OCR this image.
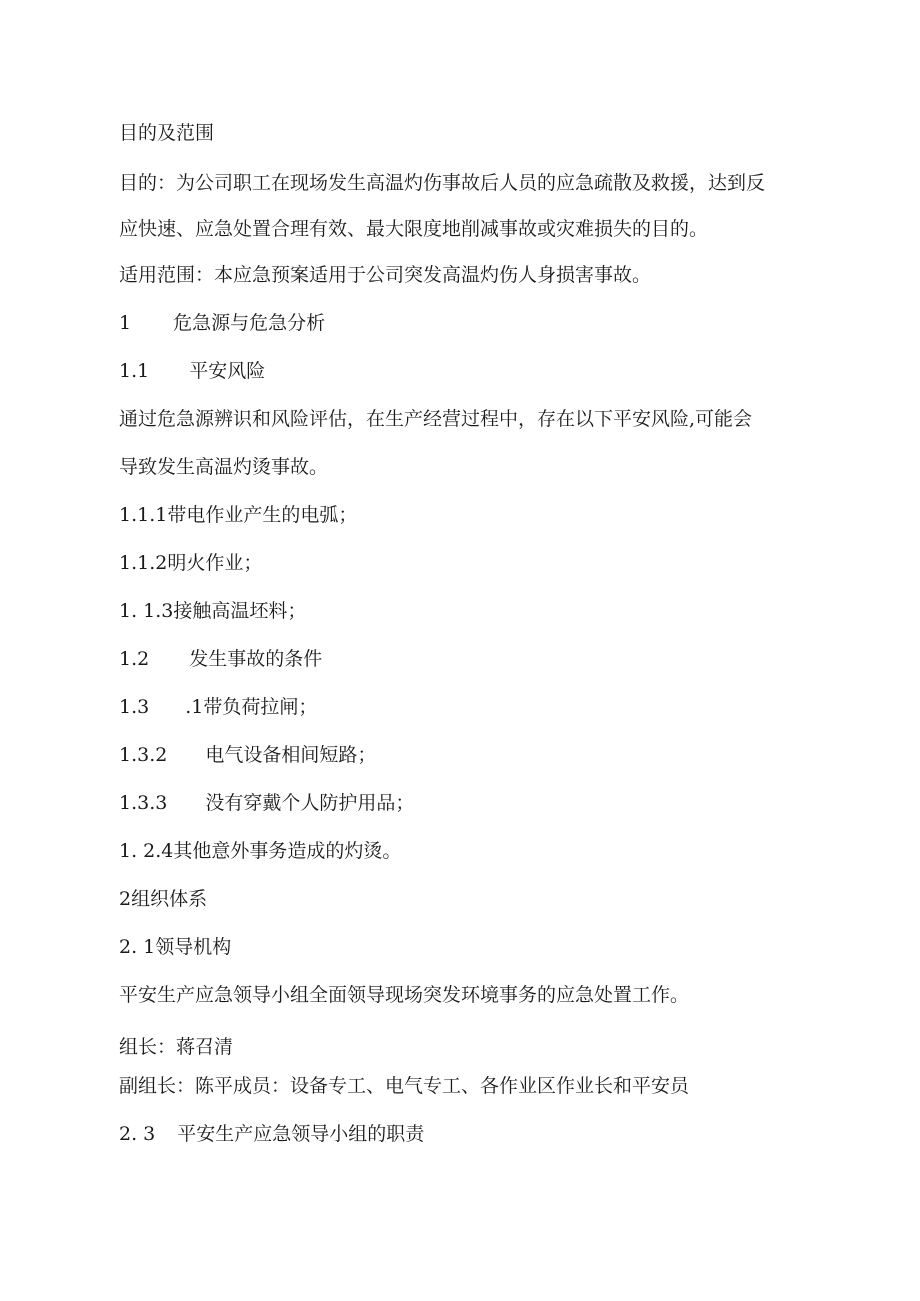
目的及范围

目的：为公司职工在现场发生高温灼伤事故后人员的应急疏散及救援，达到反

应快速、应急处置合理有效、最大限度地削减事故或灾难损失的目的。

适用范围：本应急预案适用于公司突发高温灼伤人身损害事故。

1 危急源与危急分析

1.1 平安风险

通过危急源辨识和风险评估，在生产经营过程中，存在以下平安风险,可能会

导致发生高温灼烫事故。

1.1.1带电作业产生的电弧；

1.1.2明火作业；

1. 1.3接触高温坯料；

1.2 发生事故的条件

1.3 .1带负荷拉闸；

1.3.2 电气设备相间短路；

1.3.3 没有穿戴个人防护用品；

1. 2.4其他意外事务造成的灼烫。

2组织体系

2. 1领导机构

平安生产应急领导小组全面领导现场突发环境事务的应急处置工作。

组长：蒋召清

副组长：陈平成员：设备专工、电气专工、各作业区作业长和平安员

2. 3 平安生产应急领导小组的职责
